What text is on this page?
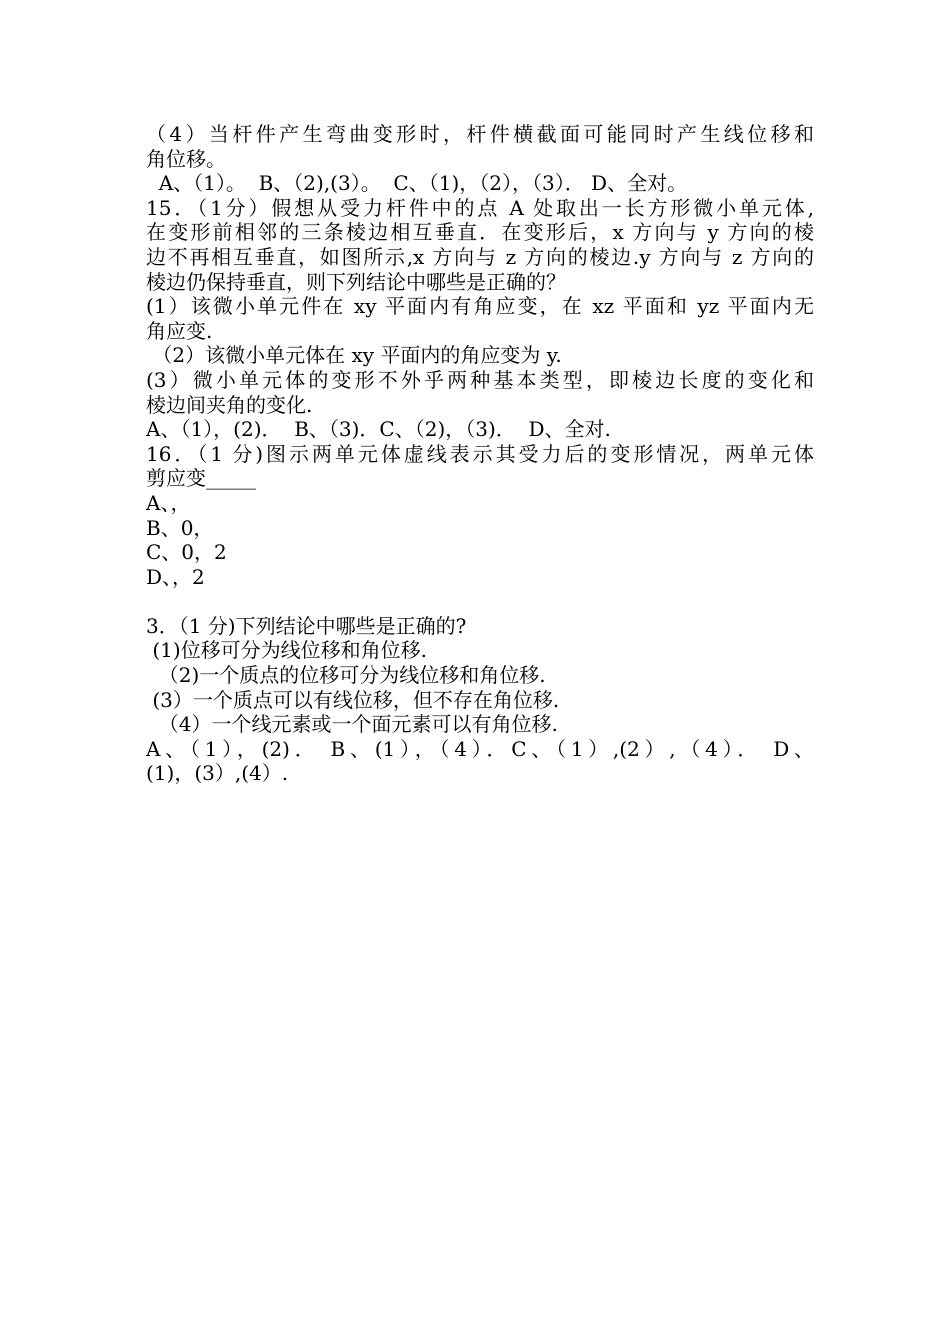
（4）当杆件产生弯曲变形时，杆件横截面可能同时产生线位移和
角位移。
A、（1）。  B、（2),(3）。  C、（1)，（2），（3）． D、全对。
15．（1分）假想从受力杆件中的点 A 处取出一长方形微小单元体,
在变形前相邻的三条棱边相互垂直．在变形后，x 方向与 y 方向的棱
边不再相互垂直，如图所示,x 方向与 z 方向的棱边.y 方向与 z 方向的
棱边仍保持垂直，则下列结论中哪些是正确的？
(1）该微小单元件在 xy 平面内有角应变，在 xz 平面和 yz 平面内无
角应变.
（2）该微小单元体在 xy 平面内的角应变为 y.
(3）微小单元体的变形不外乎两种基本类型，即棱边长度的变化和
棱边间夹角的变化.
A、（1），(2)．  B、（3)．C、（2)，（3)．  D、全对.
16．（1 分)图示两单元体虚线表示其受力后的变形情况，两单元体
剪应变_____
A、，
B、0，
C、0，2
D、，2
3．（1 分)下列结论中哪些是正确的?
(1)位移可分为线位移和角位移.
（2)一个质点的位移可分为线位移和角位移.
(3）一个质点可以有线位移，但不存在角位移.
（4）一个线元素或一个面元素可以有角位移.
A、（1），(2)． B、(1），（4）．C、（1）,(2）,（4）． D、
(1)，(3）,(4）.
